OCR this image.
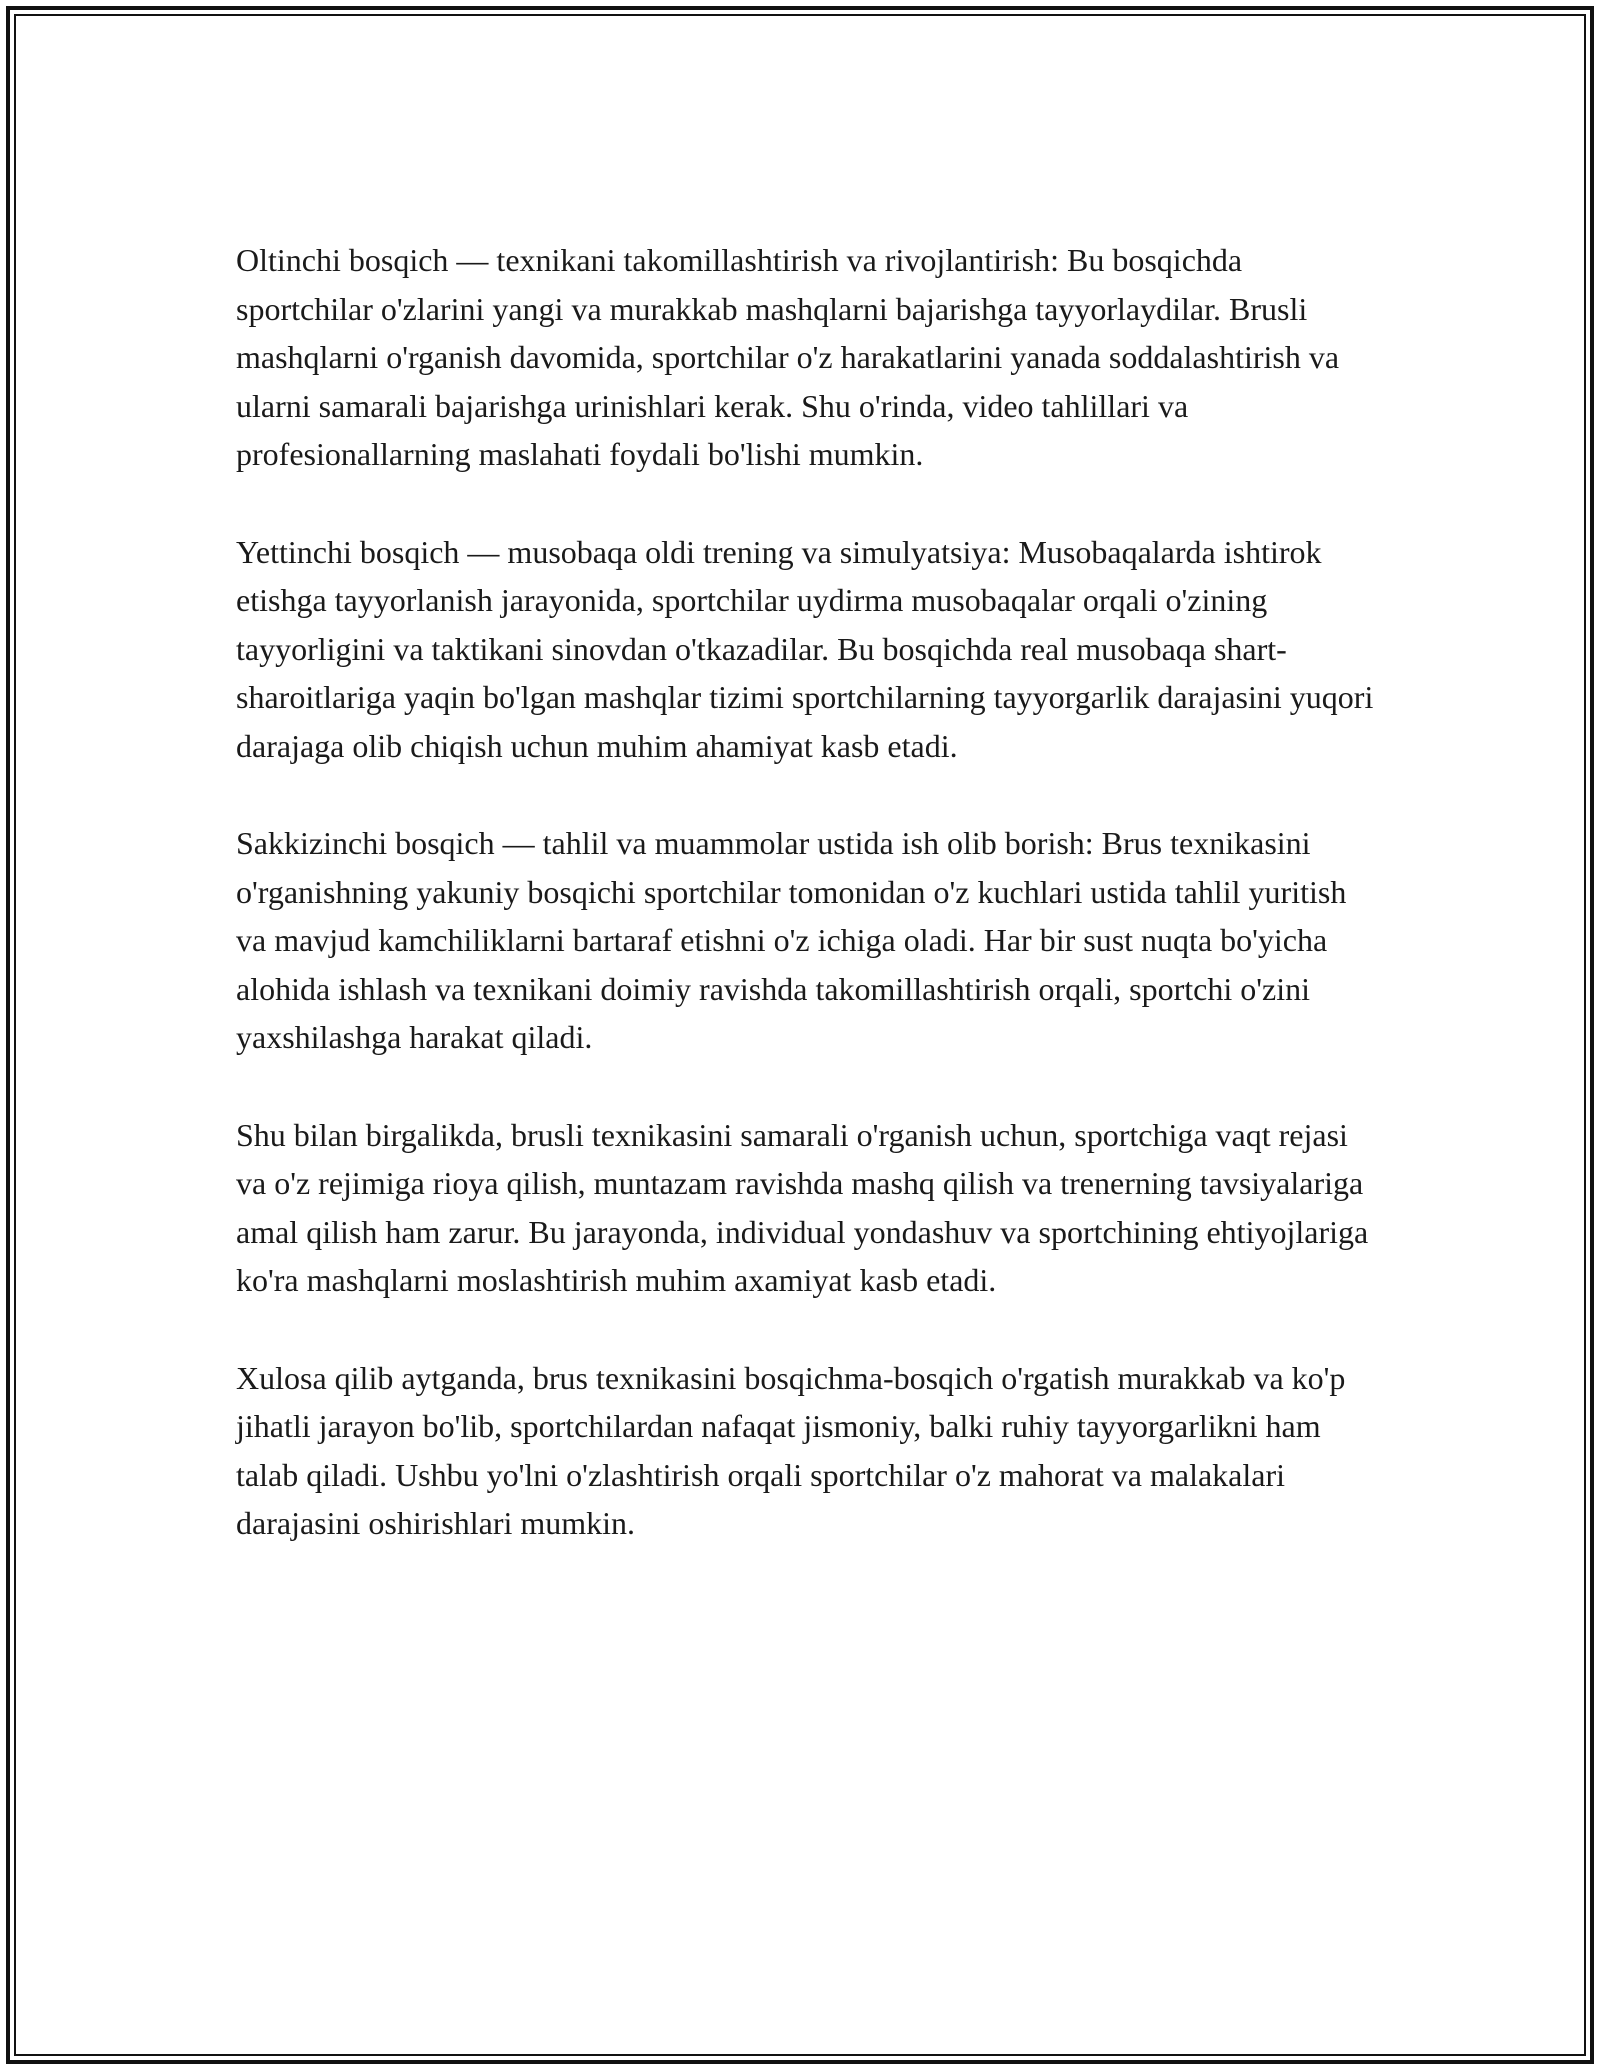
Oltinchi bosqich — texnikani takomillashtirish va rivojlantirish: Bu bosqichda sportchilar o'zlarini yangi va murakkab mashqlarni bajarishga tayyorlaydilar. Brusli mashqlarni o'rganish davomida, sportchilar o'z harakatlarini yanada soddalashtirish va ularni samarali bajarishga urinishlari kerak. Shu o'rinda, video tahlillari va profesionallarning maslahati foydali bo'lishi mumkin.

Yettinchi bosqich — musobaqa oldi trening va simulyatsiya: Musobaqalarda ishtirok etishga tayyorlanish jarayonida, sportchilar uydirma musobaqalar orqali o'zining tayyorligini va taktikani sinovdan o'tkazadilar. Bu bosqichda real musobaqa shart-sharoitlariga yaqin bo'lgan mashqlar tizimi sportchilarning tayyorgarlik darajasini yuqori darajaga olib chiqish uchun muhim ahamiyat kasb etadi.

Sakkizinchi bosqich — tahlil va muammolar ustida ish olib borish: Brus texnikasini o'rganishning yakuniy bosqichi sportchilar tomonidan o'z kuchlari ustida tahlil yuritish va mavjud kamchiliklarni bartaraf etishni o'z ichiga oladi. Har bir sust nuqta bo'yicha alohida ishlash va texnikani doimiy ravishda takomillashtirish orqali, sportchi o'zini yaxshilashga harakat qiladi.

Shu bilan birgalikda, brusli texnikasini samarali o'rganish uchun, sportchiga vaqt rejasi va o'z rejimiga rioya qilish, muntazam ravishda mashq qilish va trenerning tavsiyalariga amal qilish ham zarur. Bu jarayonda, individual yondashuv va sportchining ehtiyojlariga ko'ra mashqlarni moslashtirish muhim axamiyat kasb etadi.

Xulosa qilib aytganda, brus texnikasini bosqichma-bosqich o'rgatish murakkab va ko'p jihatli jarayon bo'lib, sportchilardan nafaqat jismoniy, balki ruhiy tayyorgarlikni ham talab qiladi. Ushbu yo'lni o'zlashtirish orqali sportchilar o'z mahorat va malakalari darajasini oshirishlari mumkin.
